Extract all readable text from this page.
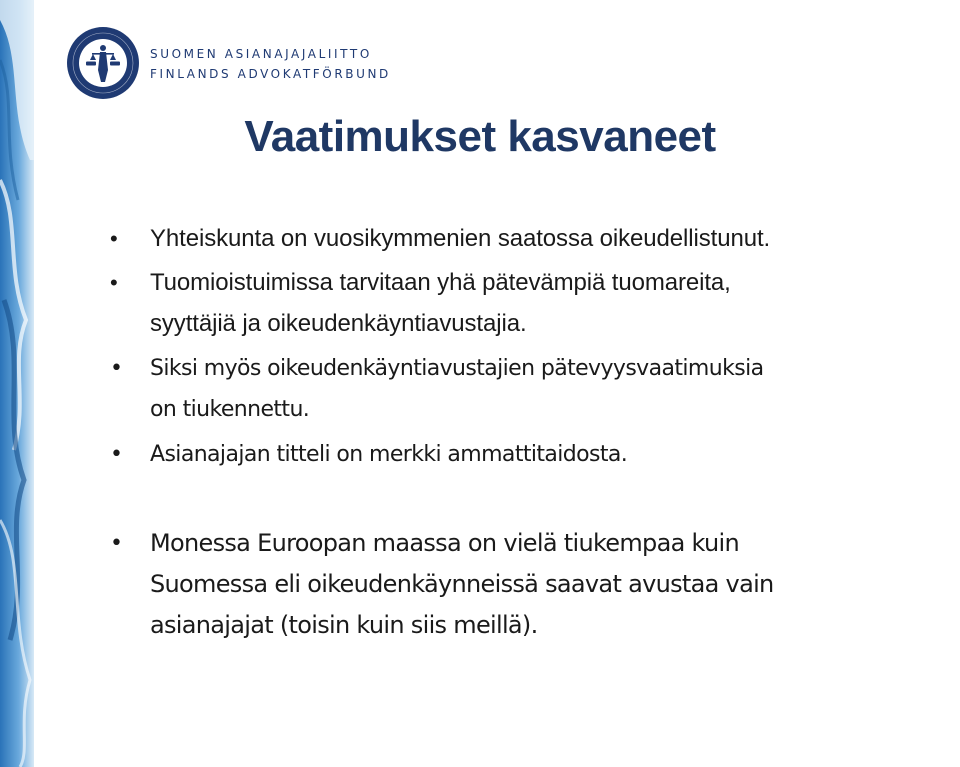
SUOMEN ASIANAJAJALIITTO
FINLANDS ADVOKATFÖRBUND
Vaatimukset kasvaneet
• Yhteiskunta on vuosikymmenien saatossa oikeudellistunut.
• Tuomioistuimissa tarvitaan yhä pätevämpiä tuomareita,
syyttäjiä ja oikeudenkäyntiavustajia.
• Siksi myös oikeudenkäyntiavustajien pätevyysvaatimuksia
on tiukennettu.
• Asianajajan titteli on merkki ammattitaidosta.
• Monessa Euroopan maassa on vielä tiukempaa kuin
Suomessa eli oikeudenkäynneissä saavat avustaa vain
asianajajat (toisin kuin siis meillä).
